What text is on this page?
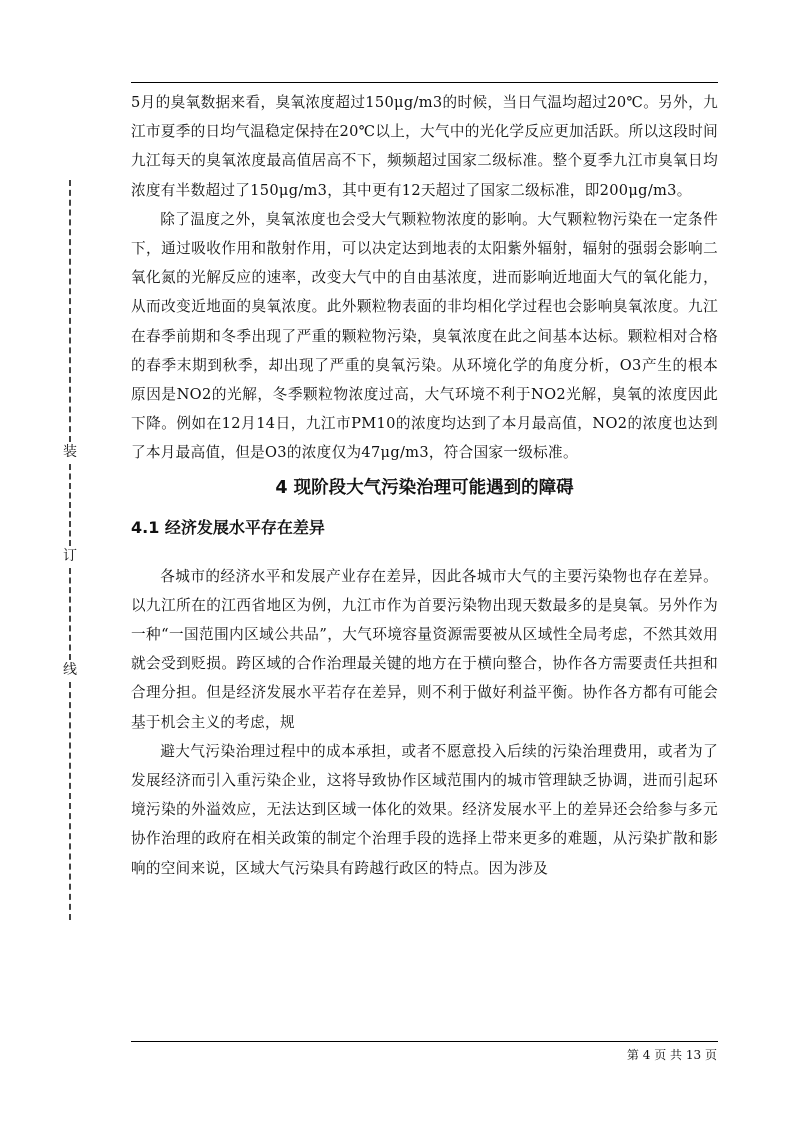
装
订
线

5月的臭氧数据来看，臭氧浓度超过150μg/m3的时候，当日气温均超过20℃。另外，九江市夏季的日均气温稳定保持在20℃以上，大气中的光化学反应更加活跃。所以这段时间九江每天的臭氧浓度最高值居高不下，频频超过国家二级标准。整个夏季九江市臭氧日均浓度有半数超过了150μg/m3，其中更有12天超过了国家二级标准，即200μg/m3。

除了温度之外，臭氧浓度也会受大气颗粒物浓度的影响。大气颗粒物污染在一定条件下，通过吸收作用和散射作用，可以决定达到地表的太阳紫外辐射，辐射的强弱会影响二氧化氮的光解反应的速率，改变大气中的自由基浓度，进而影响近地面大气的氧化能力，从而改变近地面的臭氧浓度。此外颗粒物表面的非均相化学过程也会影响臭氧浓度。九江在春季前期和冬季出现了严重的颗粒物污染，臭氧浓度在此之间基本达标。颗粒相对合格的春季末期到秋季，却出现了严重的臭氧污染。从环境化学的角度分析，O3产生的根本原因是NO2的光解，冬季颗粒物浓度过高，大气环境不利于NO2光解，臭氧的浓度因此下降。例如在12月14日，九江市PM10的浓度均达到了本月最高值，NO2的浓度也达到了本月最高值，但是O3的浓度仅为47μg/m3，符合国家一级标准。

4 现阶段大气污染治理可能遇到的障碍
4.1 经济发展水平存在差异

各城市的经济水平和发展产业存在差异，因此各城市大气的主要污染物也存在差异。以九江所在的江西省地区为例，九江市作为首要污染物出现天数最多的是臭氧。另外作为一种“一国范围内区域公共品”，大气环境容量资源需要被从区域性全局考虑，不然其效用就会受到贬损。跨区域的合作治理最关键的地方在于横向整合，协作各方需要责任共担和合理分担。但是经济发展水平若存在差异，则不利于做好利益平衡。协作各方都有可能会基于机会主义的考虑，规

避大气污染治理过程中的成本承担，或者不愿意投入后续的污染治理费用，或者为了发展经济而引入重污染企业，这将导致协作区域范围内的城市管理缺乏协调，进而引起环境污染的外溢效应，无法达到区域一体化的效果。经济发展水平上的差异还会给参与多元协作治理的政府在相关政策的制定个治理手段的选择上带来更多的难题，从污染扩散和影响的空间来说，区域大气污染具有跨越行政区的特点。因为涉及

第 4 页 共 13 页
